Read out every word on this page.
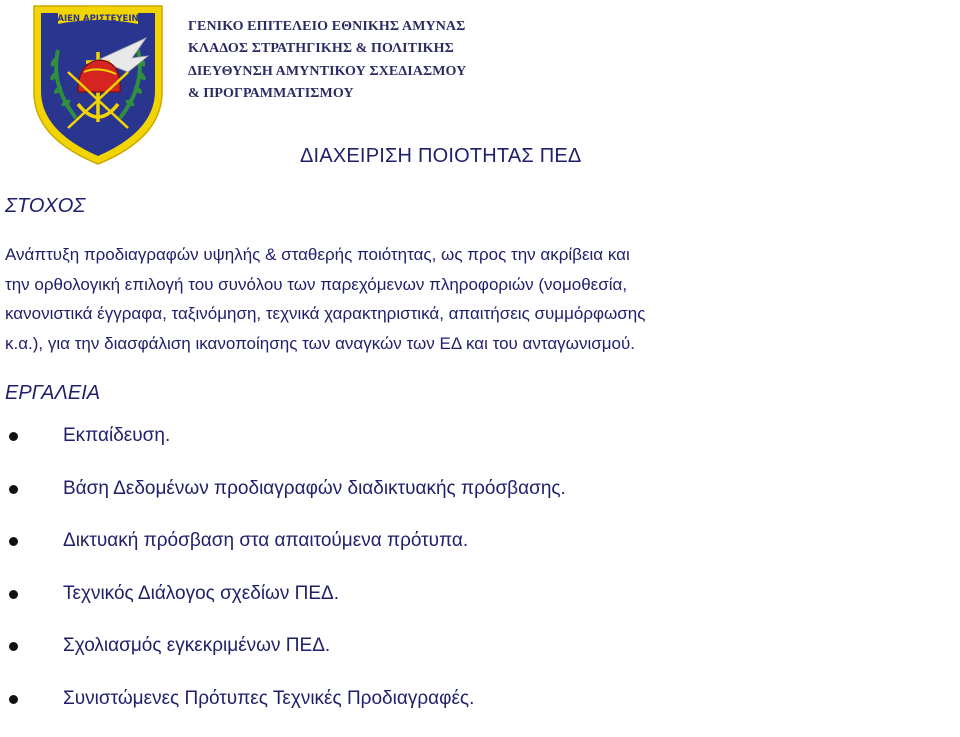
ΑΙΕΝ ΑΡΙΣΤΕΥΕΙΝ	ΓΕΝΙΚΟ ΕΠΙΤΕΛΕΙΟ ΕΘΝΙΚΗΣ ΑΜΥΝΑΣ
ΚΛΑΔΟΣ ΣΤΡΑΤΗΓΙΚΗΣ & ΠΟΛΙΤΙΚΗΣ
ΔΙΕΥΘΥΝΣΗ ΑΜΥΝΤΙΚΟΥ ΣΧΕΔΙΑΣΜΟΥ
& ΠΡΟΓΡΑΜΜΑΤΙΣΜΟΥ
ΔΙΑΧΕΙΡΙΣΗ ΠΟΙΟΤΗΤΑΣ ΠΕΔ
ΣΤΟΧΟΣ
Ανάπτυξη προδιαγραφών υψηλής & σταθερής ποιότητας, ως προς την ακρίβεια και
την ορθολογική επιλογή του συνόλου των παρεχόμενων πληροφοριών (νομοθεσία,
κανονιστικά έγγραφα, ταξινόμηση, τεχνικά χαρακτηριστικά, απαιτήσεις συμμόρφωσης
κ.α.), για την διασφάλιση ικανοποίησης των αναγκών των ΕΔ και του ανταγωνισμού.
ΕΡΓΑΛΕΙΑ
Εκπαίδευση.
Βάση Δεδομένων προδιαγραφών διαδικτυακής πρόσβασης.
Δικτυακή πρόσβαση στα απαιτούμενα πρότυπα.
Τεχνικός Διάλογος σχεδίων ΠΕΔ.
Σχολιασμός εγκεκριμένων ΠΕΔ.
Συνιστώμενες Πρότυπες Τεχνικές Προδιαγραφές.
